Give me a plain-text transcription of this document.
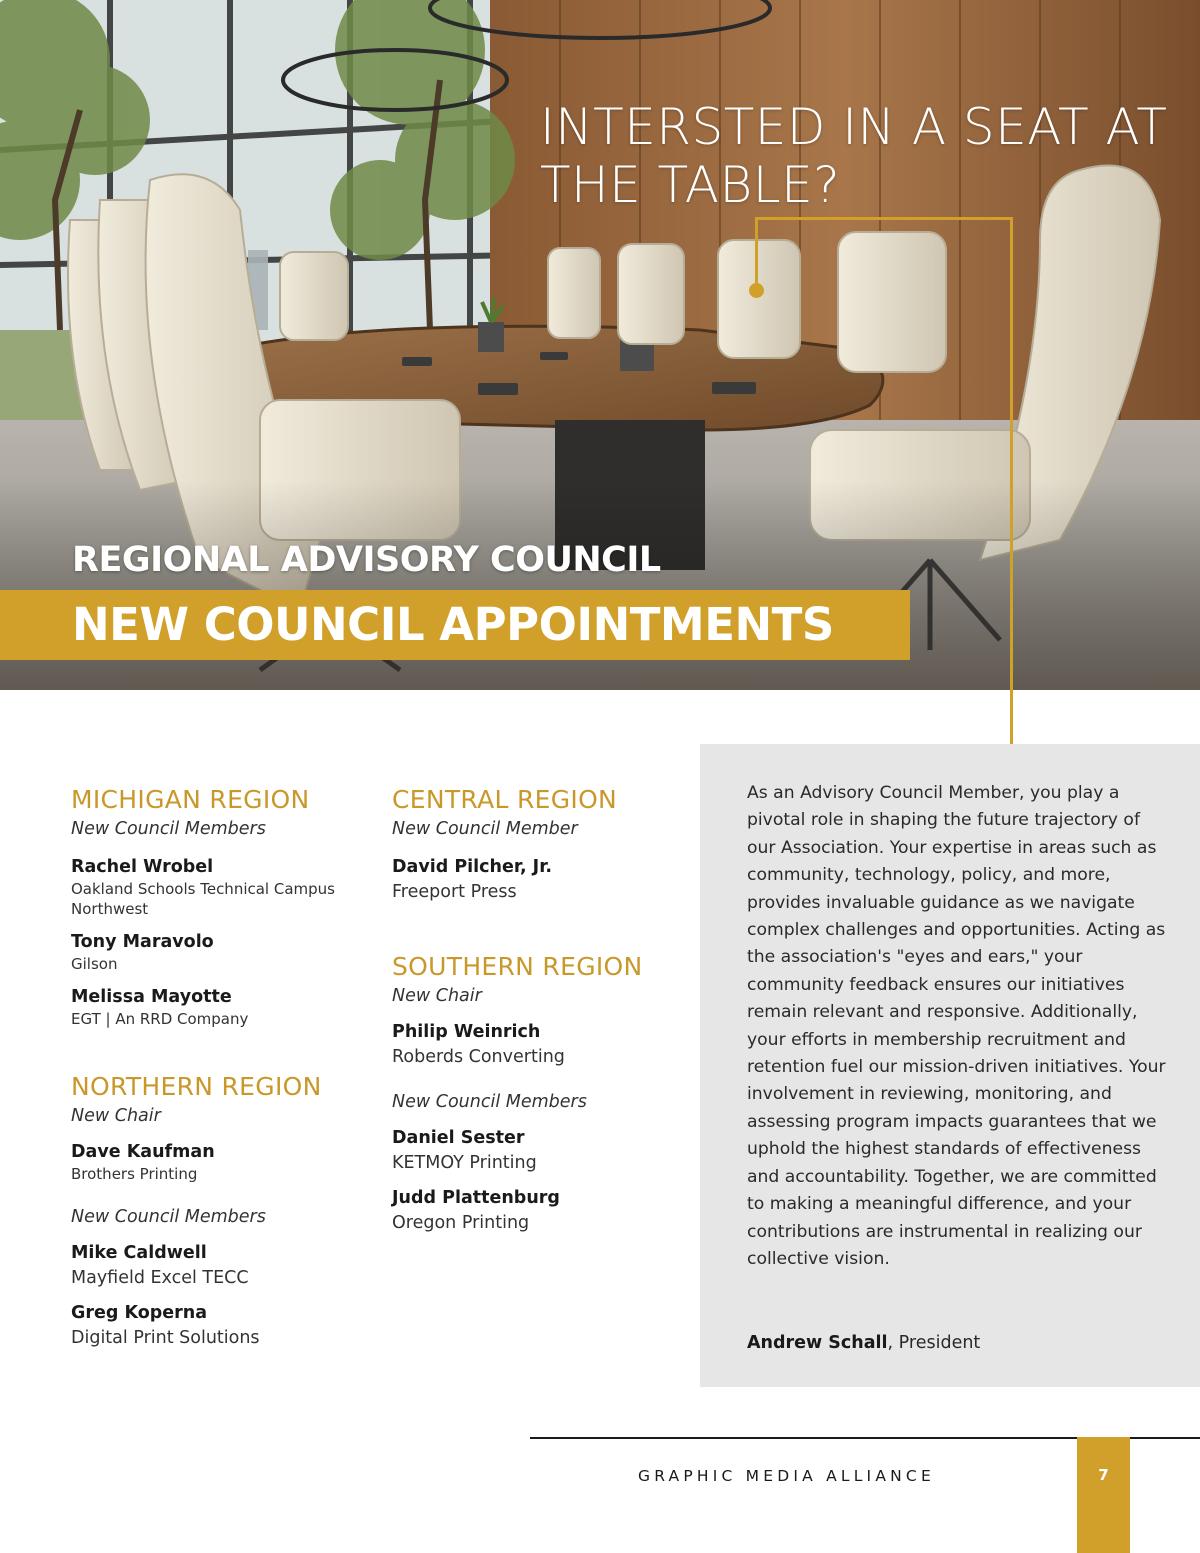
INTERSTED IN A SEAT AT THE TABLE?
REGIONAL ADVISORY COUNCIL
NEW COUNCIL APPOINTMENTS
MICHIGAN REGION
New Council Members
Rachel Wrobel
Oakland Schools Technical Campus Northwest
Tony Maravolo
Gilson
Melissa Mayotte
EGT | An RRD Company
NORTHERN REGION
New Chair
Dave Kaufman
Brothers Printing
New Council Members
Mike Caldwell
Mayfield Excel TECC
Greg Koperna
Digital Print Solutions
CENTRAL REGION
New Council Member
David Pilcher, Jr.
Freeport Press
SOUTHERN REGION
New Chair
Philip Weinrich
Roberds Converting
New Council Members
Daniel Sester
KETMOY Printing
Judd Plattenburg
Oregon Printing

As an Advisory Council Member, you play a pivotal role in shaping the future trajectory of our Association. Your expertise in areas such as community, technology, policy, and more, provides invaluable guidance as we navigate complex challenges and opportunities. Acting as the association's "eyes and ears," your community feedback ensures our initiatives remain relevant and responsive. Additionally, your efforts in membership recruitment and retention fuel our mission-driven initiatives. Your involvement in reviewing, monitoring, and assessing program impacts guarantees that we uphold the highest standards of effectiveness and accountability. Together, we are committed to making a meaningful difference, and your contributions are instrumental in realizing our collective vision.

Andrew Schall, President
GRAPHIC MEDIA ALLIANCE	7
